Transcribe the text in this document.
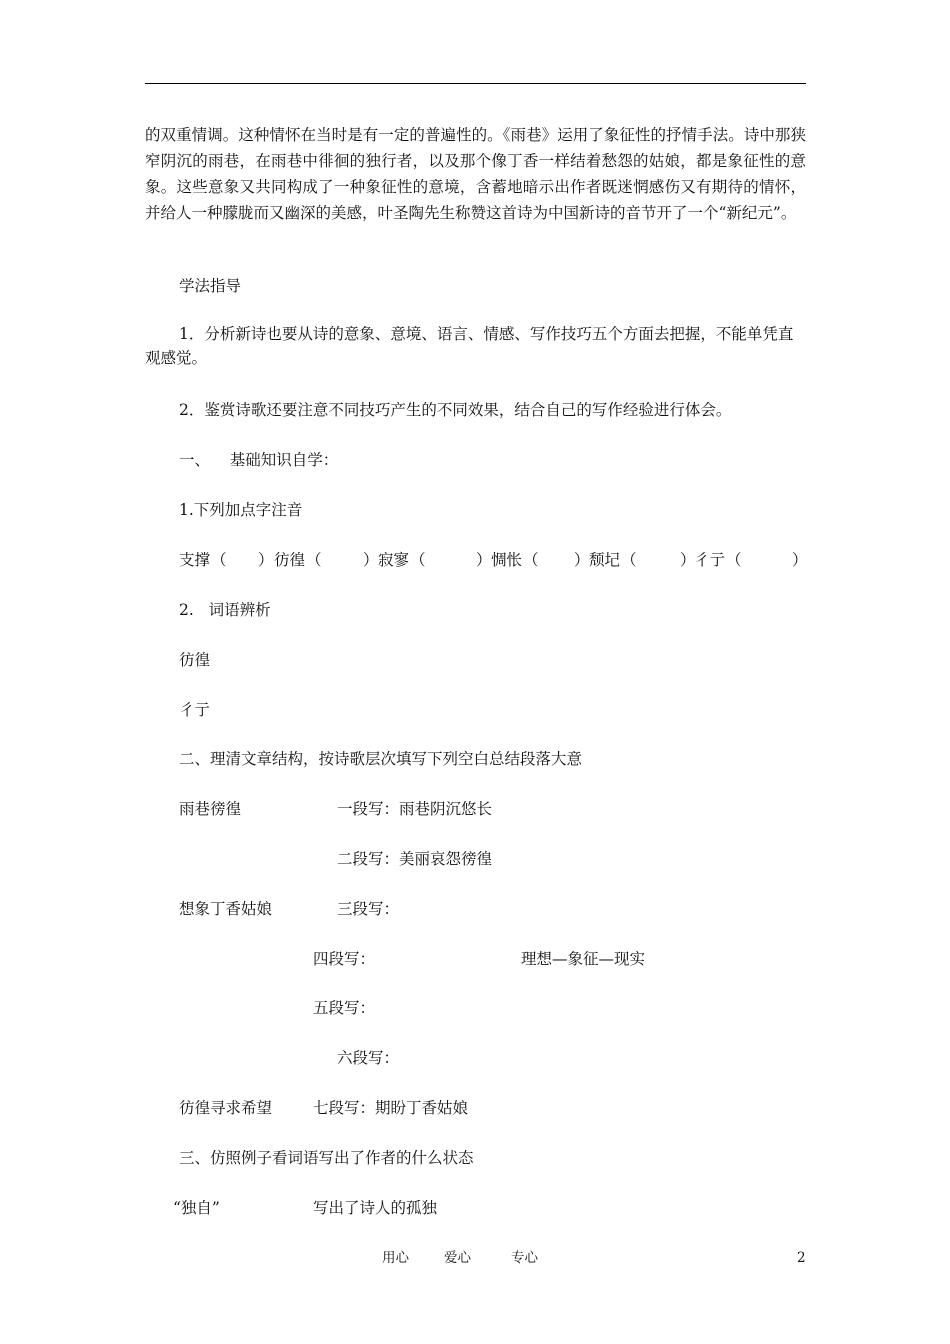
的双重情调。这种情怀在当时是有一定的普遍性的。《雨巷》运用了象征性的抒情手法。诗中那狭窄阴沉的雨巷，在雨巷中徘徊的独行者，以及那个像丁香一样结着愁怨的姑娘，都是象征性的意象。这些意象又共同构成了一种象征性的意境，含蓄地暗示出作者既迷惘感伤又有期待的情怀，并给人一种朦胧而又幽深的美感，叶圣陶先生称赞这首诗为中国新诗的音节开了一个“新纪元”。

学法指导
1．分析新诗也要从诗的意象、意境、语言、情感、写作技巧五个方面去把握，不能单凭直观感觉。
2．鉴赏诗歌还要注意不同技巧产生的不同效果，结合自己的写作经验进行体会。
一、    基础知识自学：
1.下列加点字注音
支撑 （ ） 彷徨 （	） 寂寥 （	） 惆怅 （ ） 颓圮 （	）
彳亍 （	）
2.   词语辨析
彷徨
彳亍
二、理清文章结构，按诗歌层次填写下列空白总结段落大意
雨巷徬徨	一段写：雨巷阴沉悠长
二段写：美丽哀怨徬徨
想象丁香姑娘	三段写：
四段写：	理想—象征—现实
五段写：
六段写：
彷徨寻求希望	七段写：期盼丁香姑娘
三、仿照例子看词语写出了作者的什么状态
“独自”	写出了诗人的孤独
用心	爱心	专心	2
